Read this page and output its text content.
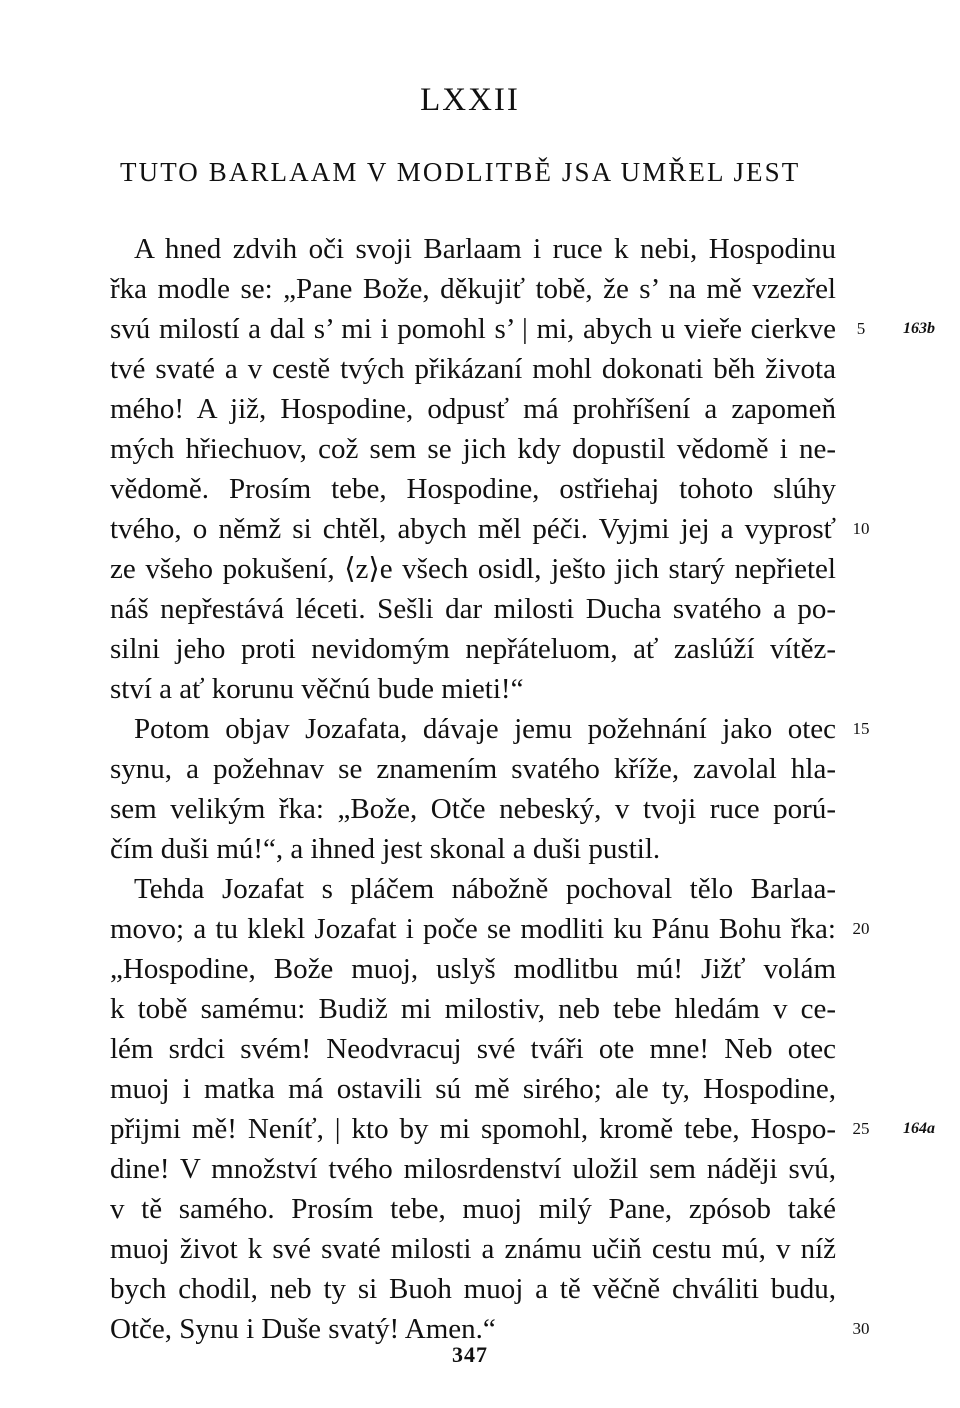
LXXII
TUTO BARLAAM V MODLITBĚ JSA UMŘEL JEST
A hned zdvih oči svoji Barlaam i ruce k nebi, Hospodinu
řka modle se: „Pane Bože, děkujiť tobě, že s’ na mě vzezřel
svú milostí a dal s’ mi i pomohl s’ | mi, abych u vieře cierkve
tvé svaté a v cestě tvých přikázaní mohl dokonati běh života
mého! A již, Hospodine, odpusť má prohříšení a zapomeň
mých hřiechuov, což sem se jich kdy dopustil vědomě i ne-
vědomě. Prosím tebe, Hospodine, ostřiehaj tohoto slúhy
tvého, o němž si chtěl, abych měl péči. Vyjmi jej a vyprosť
ze všeho pokušení, ⟨z⟩e všech osidl, ješto jich starý nepřietel
náš nepřestává léceti. Sešli dar milosti Ducha svatého a po-
silni jeho proti nevidomým nepřáteluom, ať zaslúží vítěz-
ství a ať korunu věčnú bude mieti!“
Potom objav Jozafata, dávaje jemu požehnání jako otec
synu, a požehnav se znamením svatého kříže, zavolal hla-
sem velikým řka: „Bože, Otče nebeský, v tvoji ruce porú-
čím duši mú!“, a ihned jest skonal a duši pustil.
Tehda Jozafat s pláčem nábožně pochoval tělo Barlaa-
movo; a tu klekl Jozafat i poče se modliti ku Pánu Bohu řka:
„Hospodine, Bože muoj, uslyš modlitbu mú! Jižť volám
k tobě samému: Budiž mi milostiv, neb tebe hledám v ce-
lém srdci svém! Neodvracuj své tváři ote mne! Neb otec
muoj i matka má ostavili sú mě sirého; ale ty, Hospodine,
přijmi mě! Neníť, | kto by mi spomohl, kromě tebe, Hospo-
dine! V množství tvého milosrdenství uložil sem náději svú,
v tě samého. Prosím tebe, muoj milý Pane, zpósob také
muoj život k své svaté milosti a známu učiň cestu mú, v níž
bych chodil, neb ty si Buoh muoj a tě věčně chváliti budu,
Otče, Synu i Duše svatý! Amen.“
5
10
15
20
25
30
163b
164a
347
